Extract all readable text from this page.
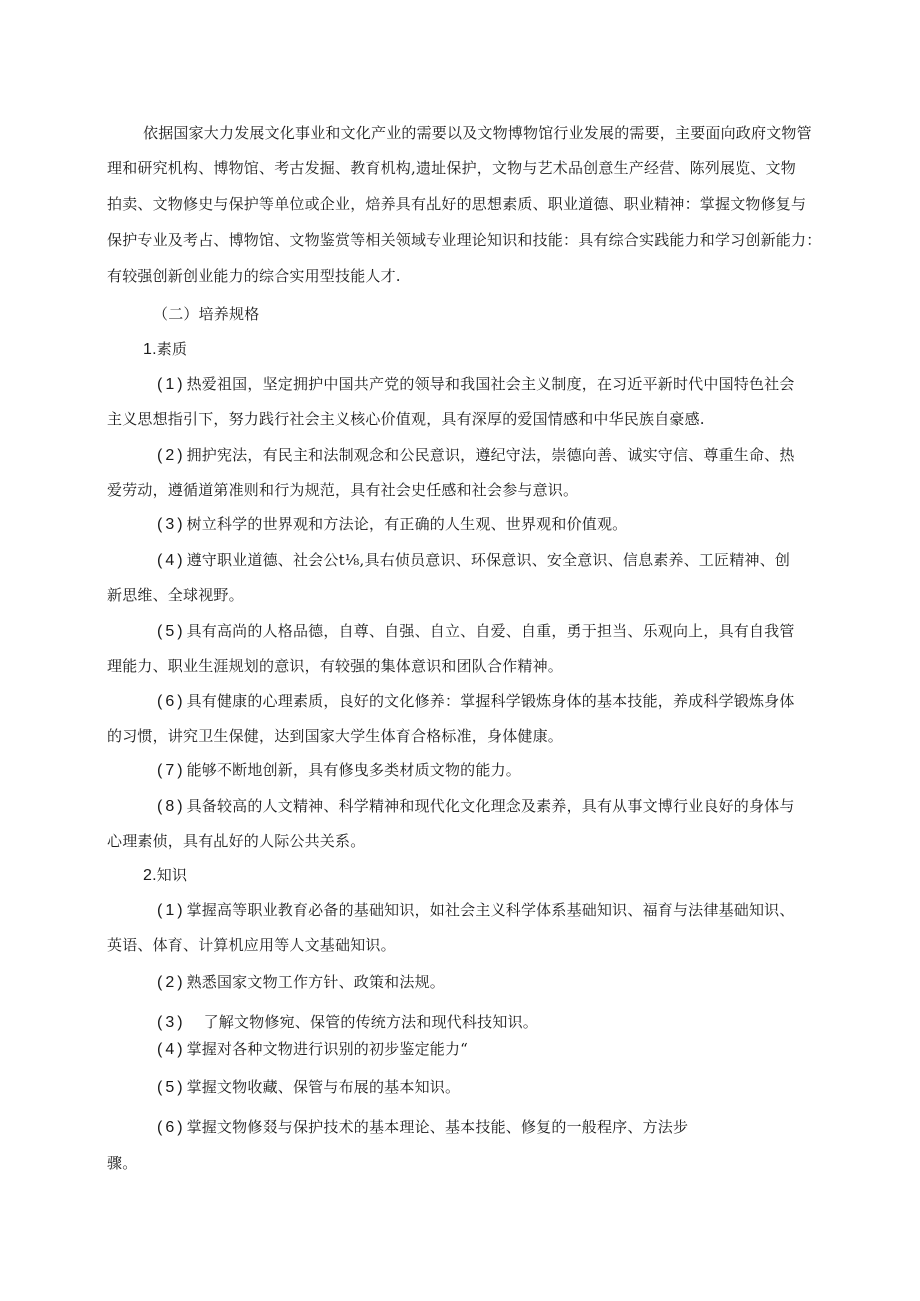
依据国家大力发展文化事业和文化产业的需要以及文物博物馆行业发展的需要，主要面向政府文物管
理和研究机构、博物馆、考古发掘、教育机构,遗址保护，文物与艺术品创意生产经营、陈列展览、文物
拍卖、文物修史与保护等单位或企业，焙养具有乩好的思想素质、职业道德、职业精神：掌握文物修复与
保护专业及考占、博物馆、文物鉴赏等相关领域专业理论知识和技能：具有综合实践能力和学习创新能力：
有较强创新创业能力的综合实用型技能人才.
（二）培养规格
1.素质
(1)热爱祖国，坚定拥护中国共产党的领导和我国社会主义制度，在习近平新时代中国特色社会
主义思想指引下，努力践行社会主义核心价值观，具有深厚的爱国情感和中华民族自豪感.
(2)拥护宪法，有民主和法制观念和公民意识，遵纪守法，崇德向善、诚实守信、尊重生命、热
爱劳动，遵循道第准则和行为规范，具有社会史任感和社会参与意识。
(3)树立科学的世界观和方法论，有正确的人生观、世界观和价值观。
(4)遵守职业道德、社会公t⅛,具右侦员意识、环保意识、安全意识、信息素养、工匠精神、创
新思维、全球视野。
(5)具有高尚的人格品德，自尊、自强、自立、自爱、自重，勇于担当、乐观向上，具有自我管
理能力、职业生涯规划的意识，有较强的集体意识和团队合作精神。
(6)具有健康的心理素质，良好的文化修养：掌握科学锻炼身体的基本技能，养成科学锻炼身体
的习惯，讲究卫生保健，达到国家大学生体育合格标准，身体健康。
(7)能够不断地创新，具有修曳多类材质文物的能力。
(8)具备较高的人文精神、科学精神和现代化文化理念及素养，具有从事文博行业良好的身体与
心理素侦，具有乩好的人际公共关系。
2.知识
(1)掌握高等职业教育必备的基础知识，如社会主义科学体系基础知识、福育与法律基础知识、
英语、体育、计算机应用等人文基础知识。
(2)熟悉国家文物工作方针、政策和法规。
(3) 了解文物修宛、保管的传统方法和现代科技知识。
(4)掌握对各种文物进行识别的初步鉴定能力“
(5)掌握文物收藏、保管与布展的基本知识。
(6)掌握文物修叕与保护技术的基本理论、基本技能、修复的一般程序、方法步
骤。
